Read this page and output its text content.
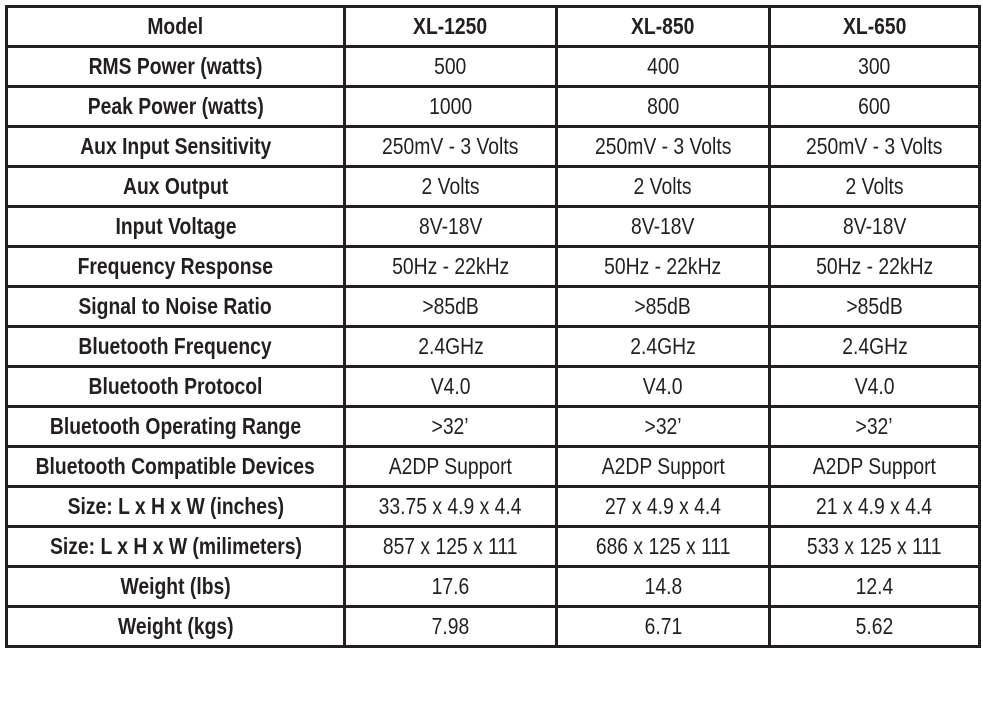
Model	XL-1250	XL-850	XL-650
RMS Power (watts)	500	400	300
Peak Power (watts)	1000	800	600
Aux Input Sensitivity	250mV - 3 Volts	250mV - 3 Volts	250mV - 3 Volts
Aux Output	2 Volts	2 Volts	2 Volts
Input Voltage	8V-18V	8V-18V	8V-18V
Frequency Response	50Hz - 22kHz	50Hz - 22kHz	50Hz - 22kHz
Signal to Noise Ratio	>85dB	>85dB	>85dB
Bluetooth Frequency	2.4GHz	2.4GHz	2.4GHz
Bluetooth Protocol	V4.0	V4.0	V4.0
Bluetooth Operating Range	>32’	>32’	>32’
Bluetooth Compatible Devices	A2DP Support	A2DP Support	A2DP Support
Size: L x H x W (inches)	33.75 x 4.9 x 4.4	27 x 4.9 x 4.4	21 x 4.9 x 4.4
Size: L x H x W (milimeters)	857 x 125 x 111	686 x 125 x 111	533 x 125 x 111
Weight (lbs)	17.6	14.8	12.4
Weight (kgs)	7.98	6.71	5.62
